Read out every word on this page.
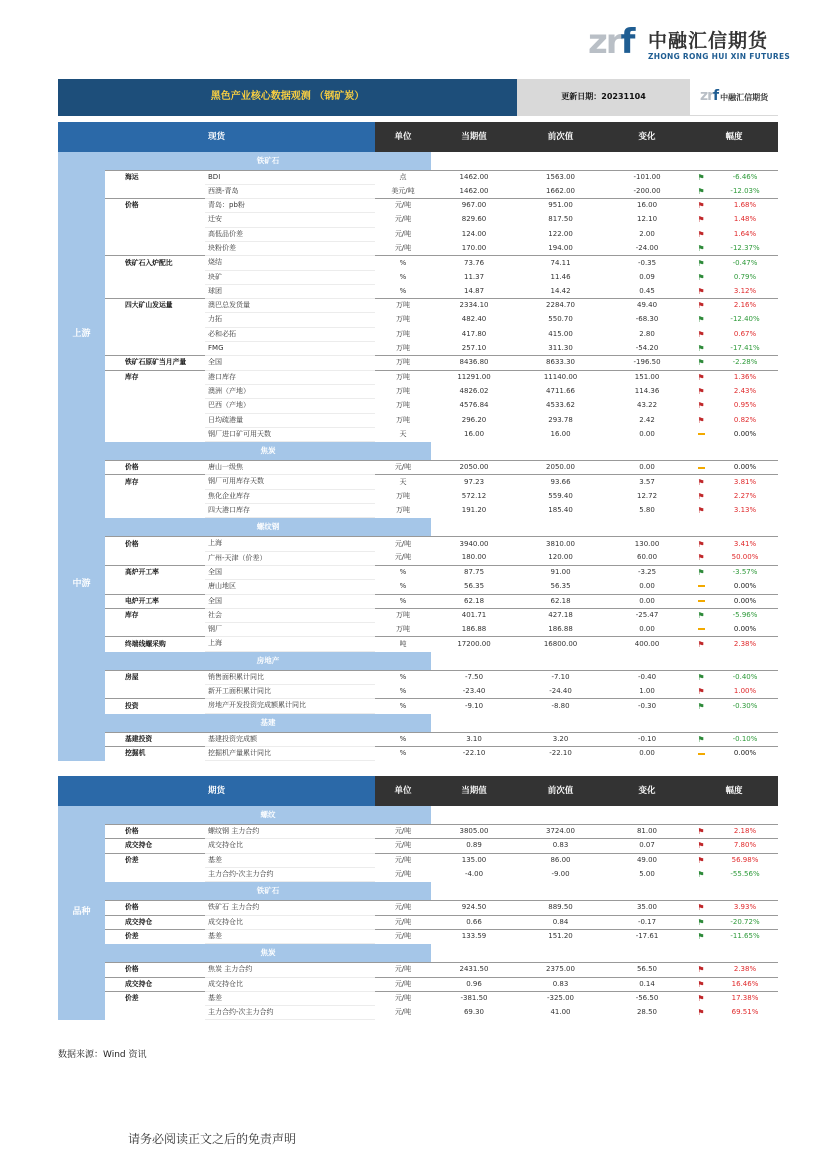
zrf 中融汇信期货
ZHONG RONG HUI XIN FUTURES
黑色产业核心数据观测 （钢矿炭）					更新日期：20231104		zrf 中融汇信期货	

现货			单位	当期值	前次值	变化	幅度	
上游	铁矿石							
	海运	BDI	点	1462.00	1563.00	-101.00	⚑	-6.46%
		西澳-青岛	美元/吨	1462.00	1662.00	-200.00	⚑	-12.03%
	价格	青岛：pb粉	元/吨	967.00	951.00	16.00	⚑	1.68%
		迁安	元/吨	829.60	817.50	12.10	⚑	1.48%
		高低品价差	元/吨	124.00	122.00	2.00	⚑	1.64%
		块粉价差	元/吨	170.00	194.00	-24.00	⚑	-12.37%
	铁矿石入炉配比	烧结	%	73.76	74.11	-0.35	⚑	-0.47%
		块矿	%	11.37	11.46	0.09	⚑	0.79%
		球团	%	14.87	14.42	0.45	⚑	3.12%
	四大矿山发运量	澳巴总发货量	万吨	2334.10	2284.70	49.40	⚑	2.16%
		力拓	万吨	482.40	550.70	-68.30	⚑	-12.40%
		必和必拓	万吨	417.80	415.00	2.80	⚑	0.67%
		FMG	万吨	257.10	311.30	-54.20	⚑	-17.41%
	铁矿石原矿当月产量	全国	万吨	8436.80	8633.30	-196.50	⚑	-2.28%
	库存	港口库存	万吨	11291.00	11140.00	151.00	⚑	1.36%
		澳洲（产地）	万吨	4826.02	4711.66	114.36	⚑	2.43%
		巴西（产地）	万吨	4576.84	4533.62	43.22	⚑	0.95%
		日均疏港量	万吨	296.20	293.78	2.42	⚑	0.82%
		钢厂进口矿可用天数	天	16.00	16.00	0.00		0.00%
	焦炭							
	价格	唐山一级焦	元/吨	2050.00	2050.00	0.00		0.00%
	库存	钢厂可用库存天数	天	97.23	93.66	3.57	⚑	3.81%
		焦化企业库存	万吨	572.12	559.40	12.72	⚑	2.27%
		四大港口库存	万吨	191.20	185.40	5.80	⚑	3.13%
中游	螺纹钢							
	价格	上海	元/吨	3940.00	3810.00	130.00	⚑	3.41%
		广州-天津（价差）	元/吨	180.00	120.00	60.00	⚑	50.00%
	高炉开工率	全国	%	87.75	91.00	-3.25	⚑	-3.57%
		唐山地区	%	56.35	56.35	0.00		0.00%
	电炉开工率	全国	%	62.18	62.18	0.00		0.00%
	库存	社会	万吨	401.71	427.18	-25.47	⚑	-5.96%
		钢厂	万吨	186.88	186.88	0.00		0.00%
	终端线螺采购	上海	吨	17200.00	16800.00	400.00	⚑	2.38%
	房地产							
	房屋	销售面积累计同比	%	-7.50	-7.10	-0.40	⚑	-0.40%
		新开工面积累计同比	%	-23.40	-24.40	1.00	⚑	1.00%
	投资	房地产开发投资完成额累计同比	%	-9.10	-8.80	-0.30	⚑	-0.30%
	基建							
	基建投资	基建投资完成额	%	3.10	3.20	-0.10	⚑	-0.10%
	挖掘机	挖掘机产量累计同比	%	-22.10	-22.10	0.00		0.00%
期货			单位	当期值	前次值	变化	幅度	
品种	螺纹							
	价格	螺纹钢 主力合约	元/吨	3805.00	3724.00	81.00	⚑	2.18%
	成交持仓	成交持仓比	元/吨	0.89	0.83	0.07	⚑	7.80%
	价差	基差	元/吨	135.00	86.00	49.00	⚑	56.98%
		主力合约-次主力合约	元/吨	-4.00	-9.00	5.00	⚑	-55.56%
	铁矿石							
	价格	铁矿石 主力合约	元/吨	924.50	889.50	35.00	⚑	3.93%
	成交持仓	成交持仓比	元/吨	0.66	0.84	-0.17	⚑	-20.72%
	价差	基差	元/吨	133.59	151.20	-17.61	⚑	-11.65%
	焦炭							
	价格	焦炭 主力合约	元/吨	2431.50	2375.00	56.50	⚑	2.38%
	成交持仓	成交持仓比	元/吨	0.96	0.83	0.14	⚑	16.46%
	价差	基差	元/吨	-381.50	-325.00	-56.50	⚑	17.38%
		主力合约-次主力合约	元/吨	69.30	41.00	28.50	⚑	69.51%
数据来源：Wind 资讯
请务必阅读正文之后的免责声明
